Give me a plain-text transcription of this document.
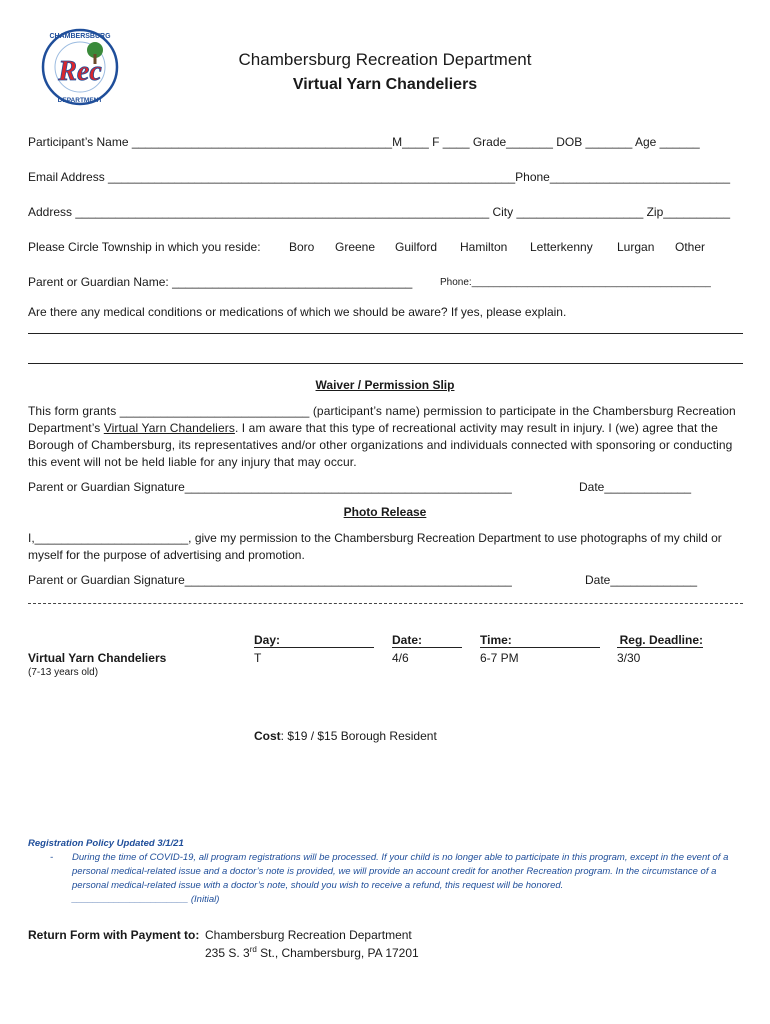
CHAMBERSBURG
Rec
DEPARTMENT
Chambersburg Recreation Department
Virtual Yarn Chandeliers
Participant’s Name _______________________________________M____ F ____ Grade_______ DOB _______ Age ______
Email Address _____________________________________________________________Phone___________________________
Address ______________________________________________________________ City ___________________ Zip__________
Please Circle Township in which you reside: Boro Greene Guilford Hamilton Letterkenny Lurgan Other
Parent or Guardian Name: ____________________________________	Phone:___________________________________________
Are there any medical conditions or medications of which we should be aware? If yes, please explain.
Waiver / Permission Slip
This form grants ____________________________ (participant’s name) permission to participate in the Chambersburg Recreation Department’s Virtual Yarn Chandeliers. I am aware that this type of recreational activity may result in injury. I (we) agree that the Borough of Chambersburg, its representatives and/or other organizations and individuals connected with sponsoring or conducting this event will not be held liable for any injury that may occur.
Parent or Guardian Signature_________________________________________________	Date_____________
Photo Release
I,_______________________, give my permission to the Chambersburg Recreation Department to use photographs of my child or myself for the purpose of advertising and promotion.
Parent or Guardian Signature_________________________________________________	Date_____________
Day:	Date:	Time:	Reg. Deadline:
Virtual Yarn Chandeliers
(7-13 years old)
T	4/6	6-7 PM	3/30
Cost: $19 / $15 Borough Resident
Registration Policy Updated 3/1/21
- During the time of COVID-19, all program registrations will be processed. If your child is no longer able to participate in this program, except in the event of a personal medical-related issue and a doctor’s note is provided, we will provide an account credit for another Recreation program. In the circumstance of a personal medical-related issue with a doctor’s note, should you wish to receive a refund, this request will be honored.
______________________ (Initial)
Return Form with Payment to: Chambersburg Recreation Department
235 S. 3rd St., Chambersburg, PA 17201
